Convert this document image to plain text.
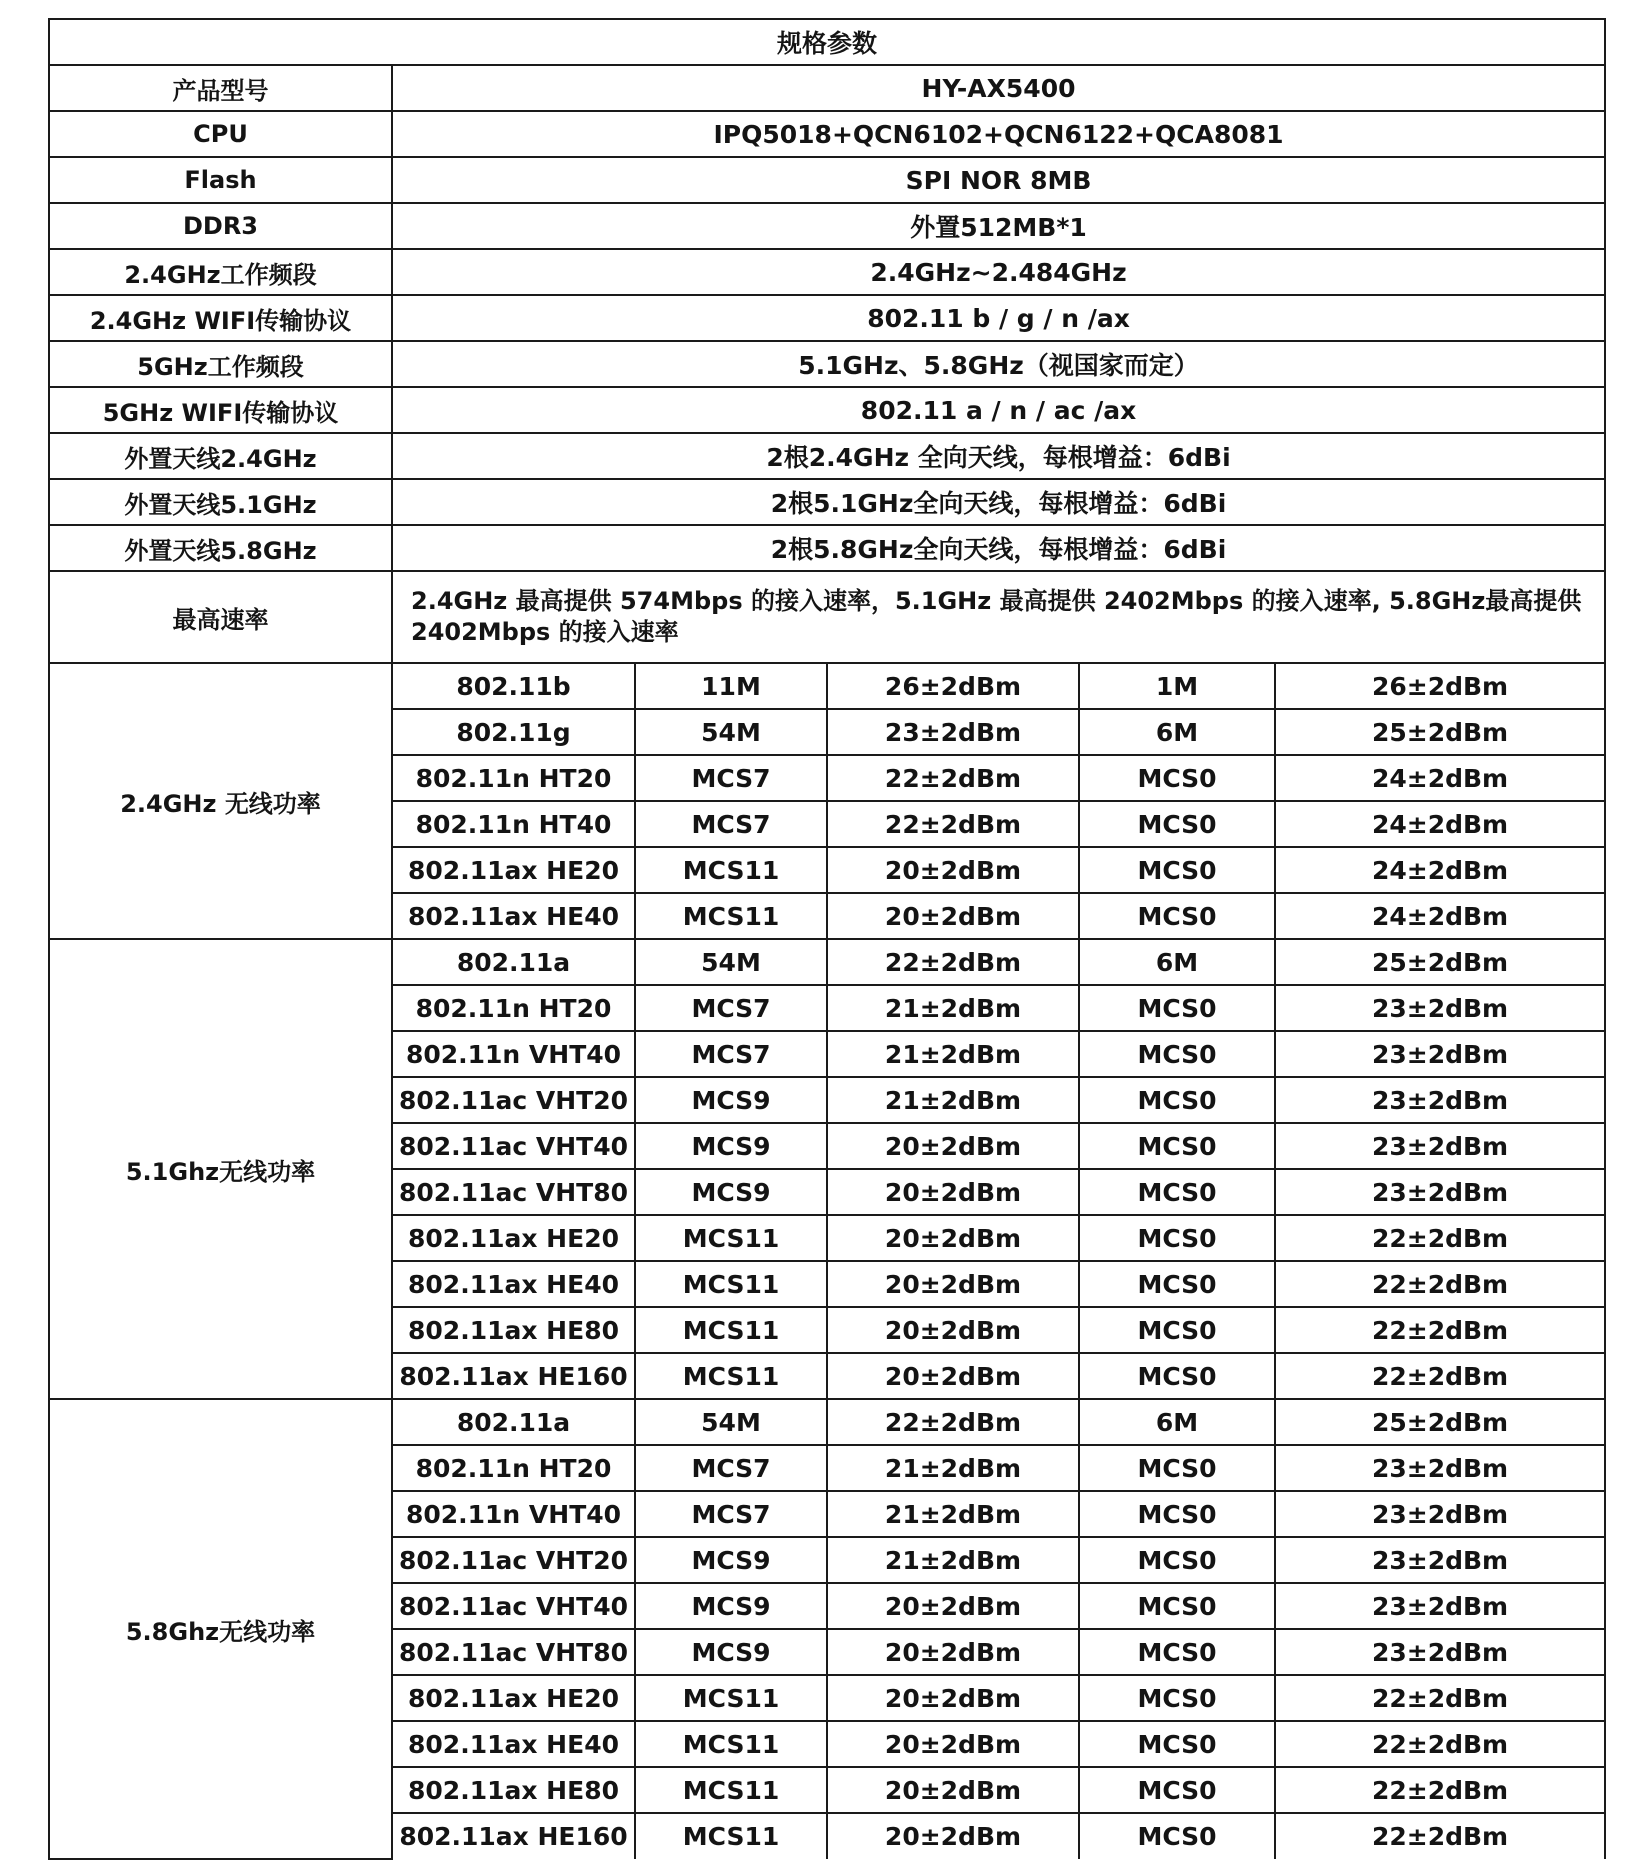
规格参数					
产品型号	HY-AX5400				
CPU	IPQ5018+QCN6102+QCN6122+QCA8081				
Flash	SPI NOR 8MB				
DDR3	外置512MB*1				
2.4GHz工作频段	2.4GHz~2.484GHz				
2.4GHz WIFI传输协议	802.11 b / g / n /ax				
5GHz工作频段	5.1GHz、5.8GHz（视国家而定）				
5GHz WIFI传输协议	802.11 a / n / ac /ax				
外置天线2.4GHz	2根2.4GHz 全向天线，每根增益：6dBi				
外置天线5.1GHz	2根5.1GHz全向天线，每根增益：6dBi				
外置天线5.8GHz	2根5.8GHz全向天线，每根增益：6dBi				
最高速率	2.4GHz 最高提供 574Mbps 的接入速率，5.1GHz 最高提供 2402Mbps 的接入速率, 5.8GHz最高提供 2402Mbps 的接入速率				
2.4GHz 无线功率	802.11b	11M	26±2dBm	1M	26±2dBm
	802.11g	54M	23±2dBm	6M	25±2dBm
	802.11n HT20	MCS7	22±2dBm	MCS0	24±2dBm
	802.11n HT40	MCS7	22±2dBm	MCS0	24±2dBm
	802.11ax HE20	MCS11	20±2dBm	MCS0	24±2dBm
	802.11ax HE40	MCS11	20±2dBm	MCS0	24±2dBm
5.1Ghz无线功率	802.11a	54M	22±2dBm	6M	25±2dBm
	802.11n HT20	MCS7	21±2dBm	MCS0	23±2dBm
	802.11n VHT40	MCS7	21±2dBm	MCS0	23±2dBm
	802.11ac VHT20	MCS9	21±2dBm	MCS0	23±2dBm
	802.11ac VHT40	MCS9	20±2dBm	MCS0	23±2dBm
	802.11ac VHT80	MCS9	20±2dBm	MCS0	23±2dBm
	802.11ax HE20	MCS11	20±2dBm	MCS0	22±2dBm
	802.11ax HE40	MCS11	20±2dBm	MCS0	22±2dBm
	802.11ax HE80	MCS11	20±2dBm	MCS0	22±2dBm
	802.11ax HE160	MCS11	20±2dBm	MCS0	22±2dBm
5.8Ghz无线功率	802.11a	54M	22±2dBm	6M	25±2dBm
	802.11n HT20	MCS7	21±2dBm	MCS0	23±2dBm
	802.11n VHT40	MCS7	21±2dBm	MCS0	23±2dBm
	802.11ac VHT20	MCS9	21±2dBm	MCS0	23±2dBm
	802.11ac VHT40	MCS9	20±2dBm	MCS0	23±2dBm
	802.11ac VHT80	MCS9	20±2dBm	MCS0	23±2dBm
	802.11ax HE20	MCS11	20±2dBm	MCS0	22±2dBm
	802.11ax HE40	MCS11	20±2dBm	MCS0	22±2dBm
	802.11ax HE80	MCS11	20±2dBm	MCS0	22±2dBm
	802.11ax HE160	MCS11	20±2dBm	MCS0	22±2dBm
